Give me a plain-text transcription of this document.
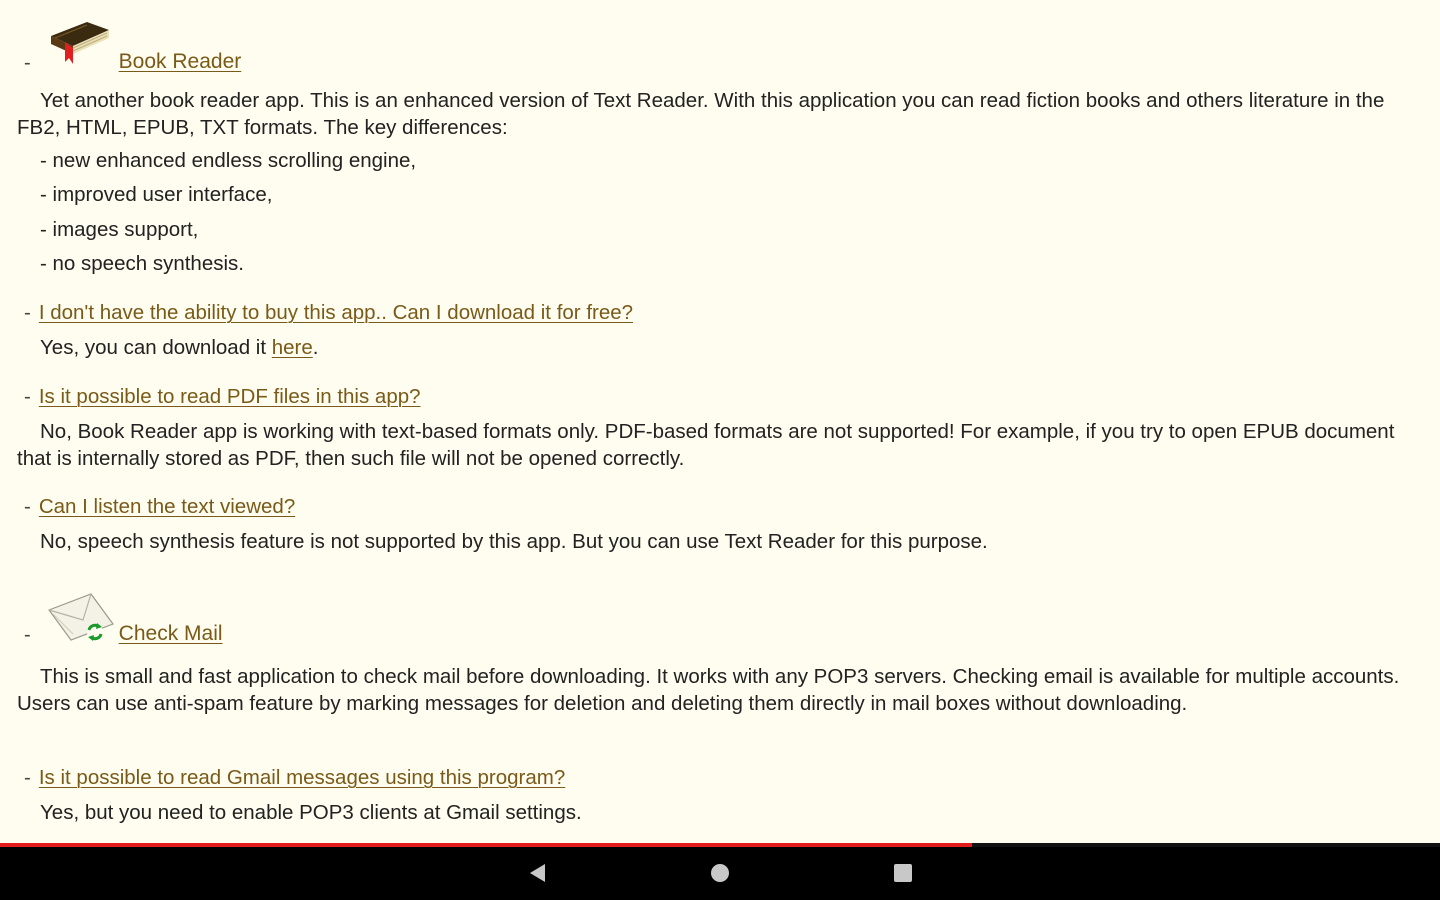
-	Book Reader
Yet another book reader app. This is an enhanced version of Text Reader. With this application you can read fiction books and others literature in the FB2, HTML, EPUB, TXT formats. The key differences:
- new enhanced endless scrolling engine,
- improved user interface,
- images support,
- no speech synthesis.
- I don't have the ability to buy this app.. Can I download it for free?
Yes, you can download it here.
- Is it possible to read PDF files in this app?
No, Book Reader app is working with text-based formats only. PDF-based formats are not supported! For example, if you try to open EPUB document that is internally stored as PDF, then such file will not be opened correctly.
- Can I listen the text viewed?
No, speech synthesis feature is not supported by this app. But you can use Text Reader for this purpose.
-	Check Mail
This is small and fast application to check mail before downloading. It works with any POP3 servers. Checking email is available for multiple accounts. Users can use anti-spam feature by marking messages for deletion and deleting them directly in mail boxes without downloading.
- Is it possible to read Gmail messages using this program?
Yes, but you need to enable POP3 clients at Gmail settings.
